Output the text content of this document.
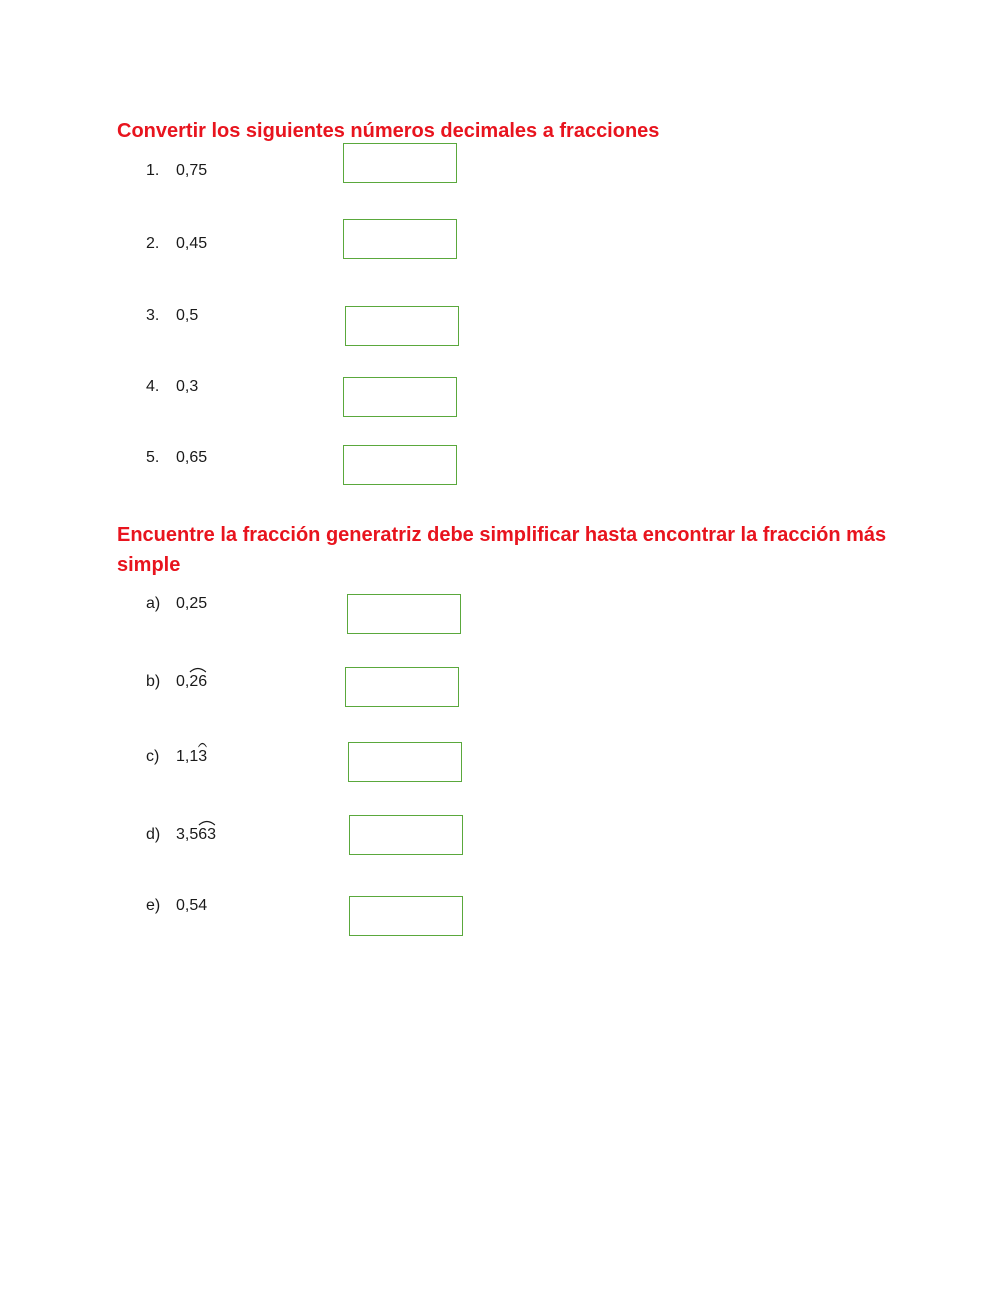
Convertir los siguientes números decimales a fracciones
1.	0,75
2.	0,45
3.	0,5
4.	0,3
5.	0,65
Encuentre la fracción generatriz debe simplificar hasta encontrar la fracción más simple
a) 0,25
b) 0,
26
c)	1,1
3
d) 3,5
63
e) 0,54
